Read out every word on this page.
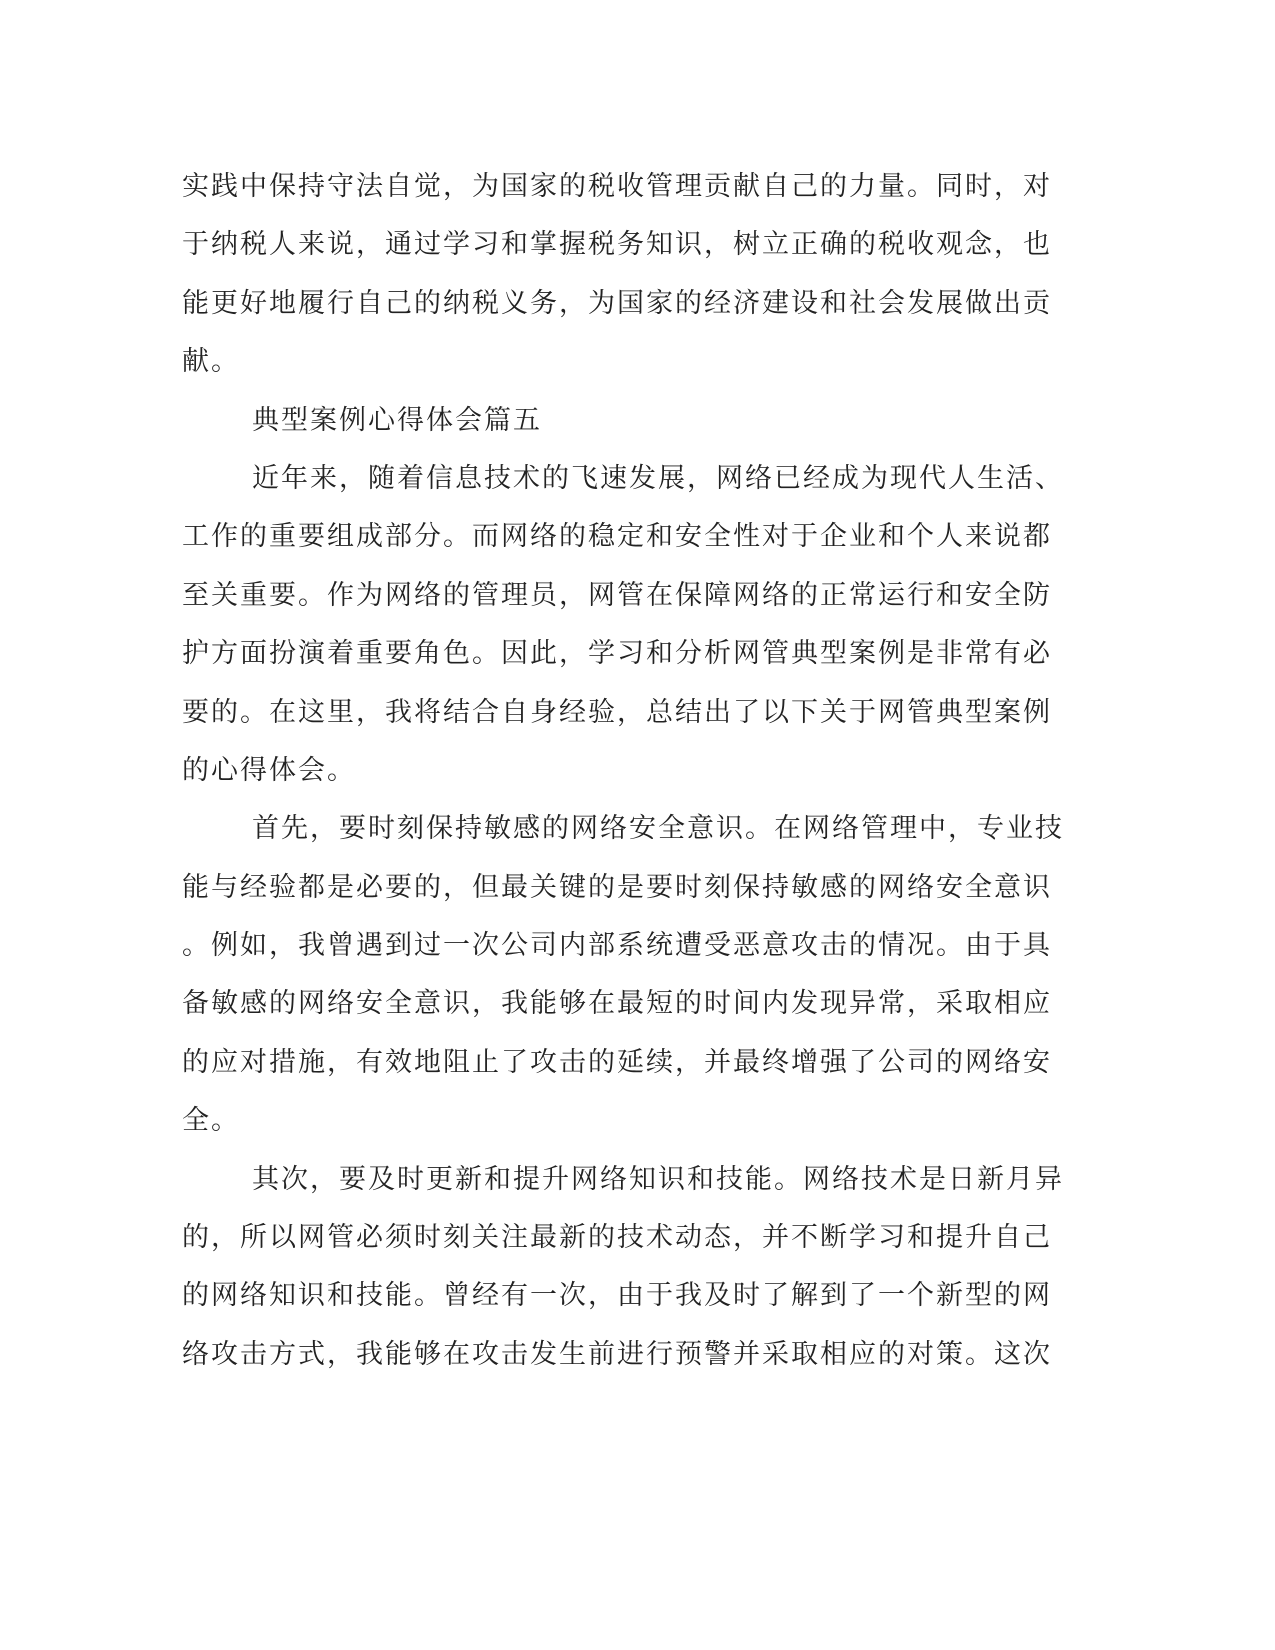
实践中保持守法自觉，为国家的税收管理贡献自己的力量。同时，对
于纳税人来说，通过学习和掌握税务知识，树立正确的税收观念，也
能更好地履行自己的纳税义务，为国家的经济建设和社会发展做出贡
献。
典型案例心得体会篇五
近年来，随着信息技术的飞速发展，网络已经成为现代人生活、
工作的重要组成部分。而网络的稳定和安全性对于企业和个人来说都
至关重要。作为网络的管理员，网管在保障网络的正常运行和安全防
护方面扮演着重要角色。因此，学习和分析网管典型案例是非常有必
要的。在这里，我将结合自身经验，总结出了以下关于网管典型案例
的心得体会。
首先，要时刻保持敏感的网络安全意识。在网络管理中，专业技
能与经验都是必要的，但最关键的是要时刻保持敏感的网络安全意识
。例如，我曾遇到过一次公司内部系统遭受恶意攻击的情况。由于具
备敏感的网络安全意识，我能够在最短的时间内发现异常，采取相应
的应对措施，有效地阻止了攻击的延续，并最终增强了公司的网络安
全。
其次，要及时更新和提升网络知识和技能。网络技术是日新月异
的，所以网管必须时刻关注最新的技术动态，并不断学习和提升自己
的网络知识和技能。曾经有一次，由于我及时了解到了一个新型的网
络攻击方式，我能够在攻击发生前进行预警并采取相应的对策。这次
